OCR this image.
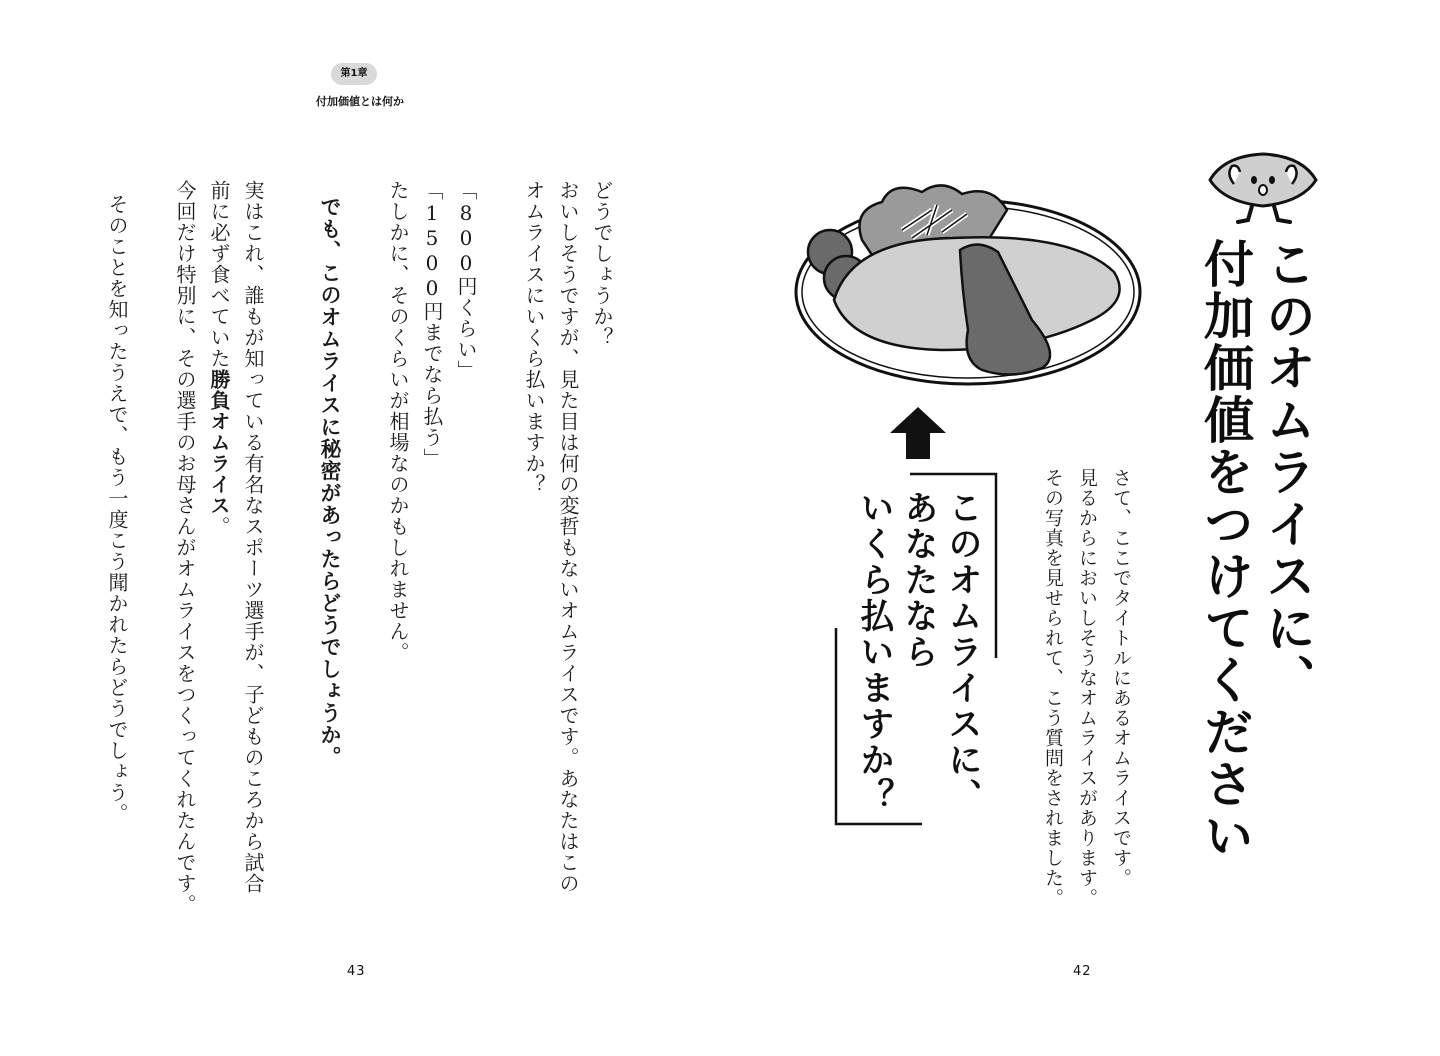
第1章
付加価値とは何か
どうでしょうか？
おいしそうですが、見た目は何の変哲もないオムライスです。あなたはこの
オムライスにいくら払いますか？
「800円くらい」
「1500円までなら払う」
たしかに、そのくらいが相場なのかもしれません。
でも、このオムライスに秘密があったらどうでしょうか。
実はこれ、誰もが知っている有名なスポーツ選手が、子どものころから試合
前に必ず食べていた勝負オムライス。
今回だけ特別に、その選手のお母さんがオムライスをつくってくれたんです。
そのことを知ったうえで、もう一度こう聞かれたらどうでしょう。
43
このオムライスに、
付加価値をつけてください
さて、ここでタイトルにあるオムライスです。
見るからにおいしそうなオムライスがあります。
その写真を見せられて、こう質問をされました。
このオムライスに、
あなたなら
いくら払いますか？
42
